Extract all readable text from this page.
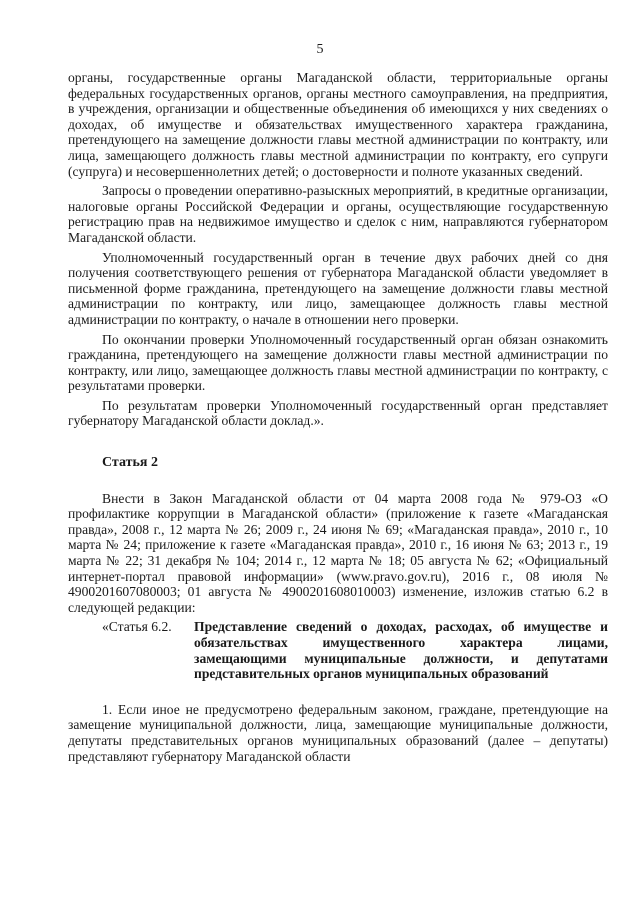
5

органы, государственные органы Магаданской области, территориальные органы федеральных государственных органов, органы местного самоуправления, на предприятия, в учреждения, организации и общественные объединения об имеющихся у них сведениях о доходах, об имуществе и обязательствах имущественного характера гражданина, претендующего на замещение должности главы местной администрации по контракту, или лица, замещающего должность главы местной администрации по контракту, его супруги (супруга) и несовершеннолетних детей; о достоверности и полноте указанных сведений.

Запросы о проведении оперативно-разыскных мероприятий, в кредитные организации, налоговые органы Российской Федерации и органы, осуществляющие государственную регистрацию прав на недвижимое имущество и сделок с ним, направляются губернатором Магаданской области.

Уполномоченный государственный орган в течение двух рабочих дней со дня получения соответствующего решения от губернатора Магаданской области уведомляет в письменной форме гражданина, претендующего на замещение должности главы местной администрации по контракту, или лицо, замещающее должность главы местной администрации по контракту, о начале в отношении него проверки.

По окончании проверки Уполномоченный государственный орган обязан ознакомить гражданина, претендующего на замещение должности главы местной администрации по контракту, или лицо, замещающее должность главы местной администрации по контракту, с результатами проверки.

По результатам проверки Уполномоченный государственный орган представляет губернатору Магаданской области доклад.».

Статья 2

Внести в Закон Магаданской области от 04 марта 2008 года № 979-ОЗ «О профилактике коррупции в Магаданской области» (приложение к газете «Магаданская правда», 2008 г., 12 марта № 26; 2009 г., 24 июня № 69; «Магаданская правда», 2010 г., 10 марта № 24; приложение к газете «Магаданская правда», 2010 г., 16 июня № 63; 2013 г., 19 марта № 22; 31 декабря № 104; 2014 г., 12 марта № 18; 05 августа № 62; «Официальный интернет-портал правовой информации» (www.pravo.gov.ru), 2016 г., 08 июля № 4900201607080003; 01 августа № 4900201608010003) изменение, изложив статью 6.2 в следующей редакции:

«Статья 6.2.	Представление сведений о доходах, расходах, об имуществе и обязательствах имущественного характера лицами, замещающими муниципальные должности, и депутатами представительных органов муниципальных образований

1. Если иное не предусмотрено федеральным законом, граждане, претендующие на замещение муниципальной должности, лица, замещающие муниципальные должности, депутаты представительных органов муниципальных образований (далее – депутаты) представляют губернатору Магаданской области
